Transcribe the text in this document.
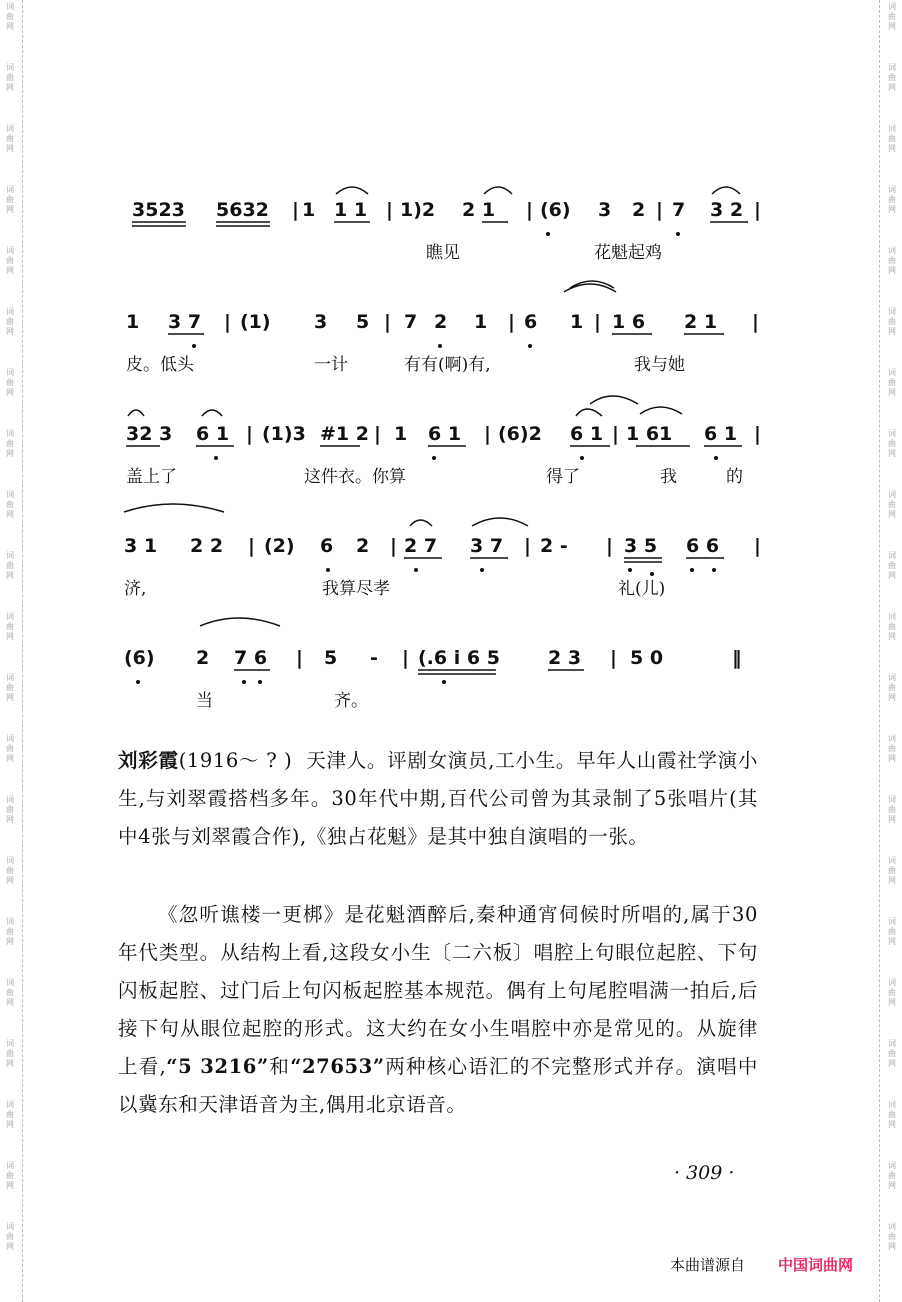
词
曲
网
词
曲
网
词
曲
网
词
曲
网
词
曲
网
词
曲
网
词
曲
网
词
曲
网
词
曲
网
词
曲
网
词
曲
网
词
曲
网
词
曲
网
词
曲
网
词
曲
网
词
曲
网
词
曲
网
词
曲
网
词
曲
网
词
曲
网
词
曲
网
词
曲
网
词
曲
网
词
曲
网
词
曲
网
词
曲
网
词
曲
网
词
曲
网
词
曲
网
词
曲
网
词
曲
网
词
曲
网
词
曲
网
词
曲
网
词
曲
网
词
曲
网
词
曲
网
词
曲
网
词
曲
网
词
曲
网
词
曲
网
词
曲
网
3523 5632 | 1 1 1 | 1)2 2 1 | (6) 3 2 | 7 3 2 |
瞧见	花魁起鸡
1 3 7 | (1) 3 5 | 7 2 1 | 6 1 | 1 6 2 1 |
皮。低头	一计	有有(啊)有,	我与她
32 3 6 1 | (1)3 #1 2 | 1 6 1 | (6)2 6 1 | 1 61 6 1 |
盖上了	这件衣。你算	得了	我	的
3 1 2 2 | (2) 6 2 | 2 7 3 7 | 2 - | 3 5 6 6 |
济,	我算尽孝	礼(儿)
(6) 2 7 6 | 5 - | (.6 i 6 5	2 3 | 5 0	‖
当	齐。
刘彩霞(1916～ ? ) 天津人。评剧女演员,工小生。早年人山霞社学演小生,与刘翠霞搭档多年。30年代中期,百代公司曾为其录制了5张唱片(其中4张与刘翠霞合作),《独占花魁》是其中独自演唱的一张。
《忽听谯楼一更梆》是花魁酒醉后,秦种通宵伺候时所唱的,属于30年代类型。从结构上看,这段女小生〔二六板〕唱腔上句眼位起腔、下句闪板起腔、过门后上句闪板起腔基本规范。偶有上句尾腔唱满一拍后,后接下句从眼位起腔的形式。这大约在女小生唱腔中亦是常见的。从旋律上看,“5 3216”和“27653”两种核心语汇的不完整形式并存。演唱中以冀东和天津语音为主,偶用北京语音。
· 309 ·
本曲谱源自 中国词曲网
